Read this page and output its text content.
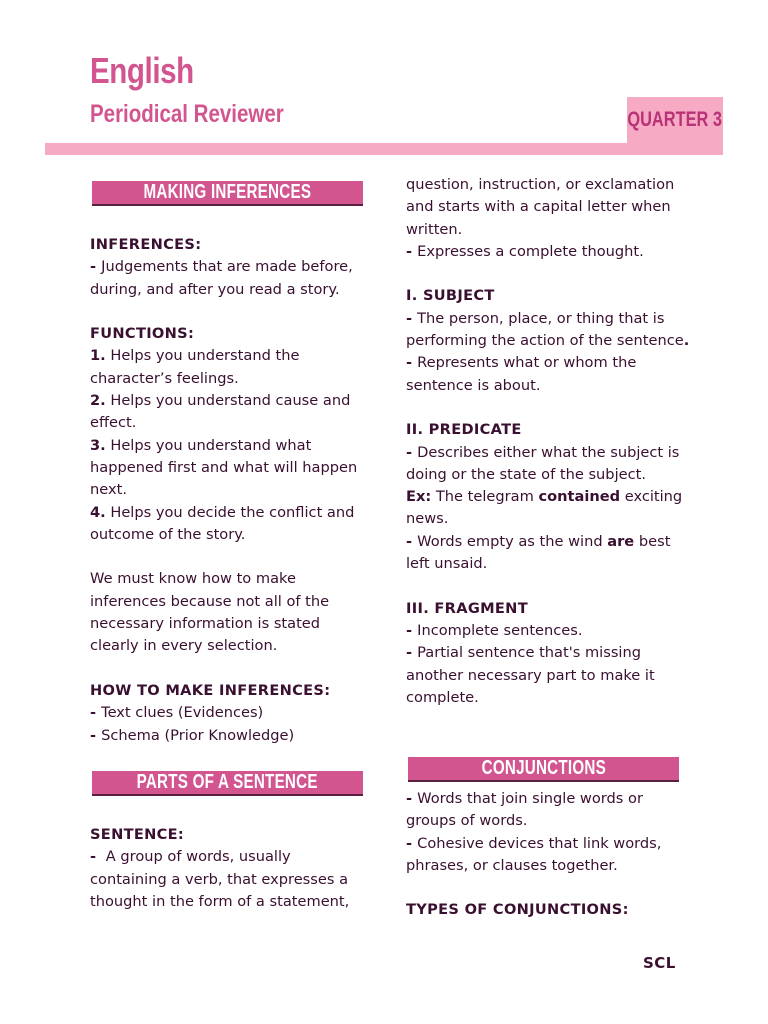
English
Periodical Reviewer	QUARTER 3
MAKING INFERENCES

INFERENCES:

- Judgements that are made before, during, and after you read a story.

FUNCTIONS:

1. Helps you understand the character’s feelings.

2. Helps you understand cause and effect.

3. Helps you understand what happened first and what will happen next.

4. Helps you decide the conflict and outcome of the story.

We must know how to make inferences because not all of the necessary information is stated clearly in every selection.

HOW TO MAKE INFERENCES:

- Text clues (Evidences)

- Schema (Prior Knowledge)

PARTS OF A SENTENCE

SENTENCE:

-  A group of words, usually containing a verb, that expresses a thought in the form of a statement,

question, instruction, or exclamation and starts with a capital letter when written.

- Expresses a complete thought.

I. SUBJECT

- The person, place, or thing that is performing the action of the sentence.

- Represents what or whom the sentence is about.

II. PREDICATE

- Describes either what the subject is doing or the state of the subject.

Ex: The telegram contained exciting news.

- Words empty as the wind are best left unsaid.

III. FRAGMENT

- Incomplete sentences.

- Partial sentence that's missing another necessary part to make it complete.

CONJUNCTIONS

- Words that join single words or groups of words.

- Cohesive devices that link words, phrases, or clauses together.

TYPES OF CONJUNCTIONS:

SCL
